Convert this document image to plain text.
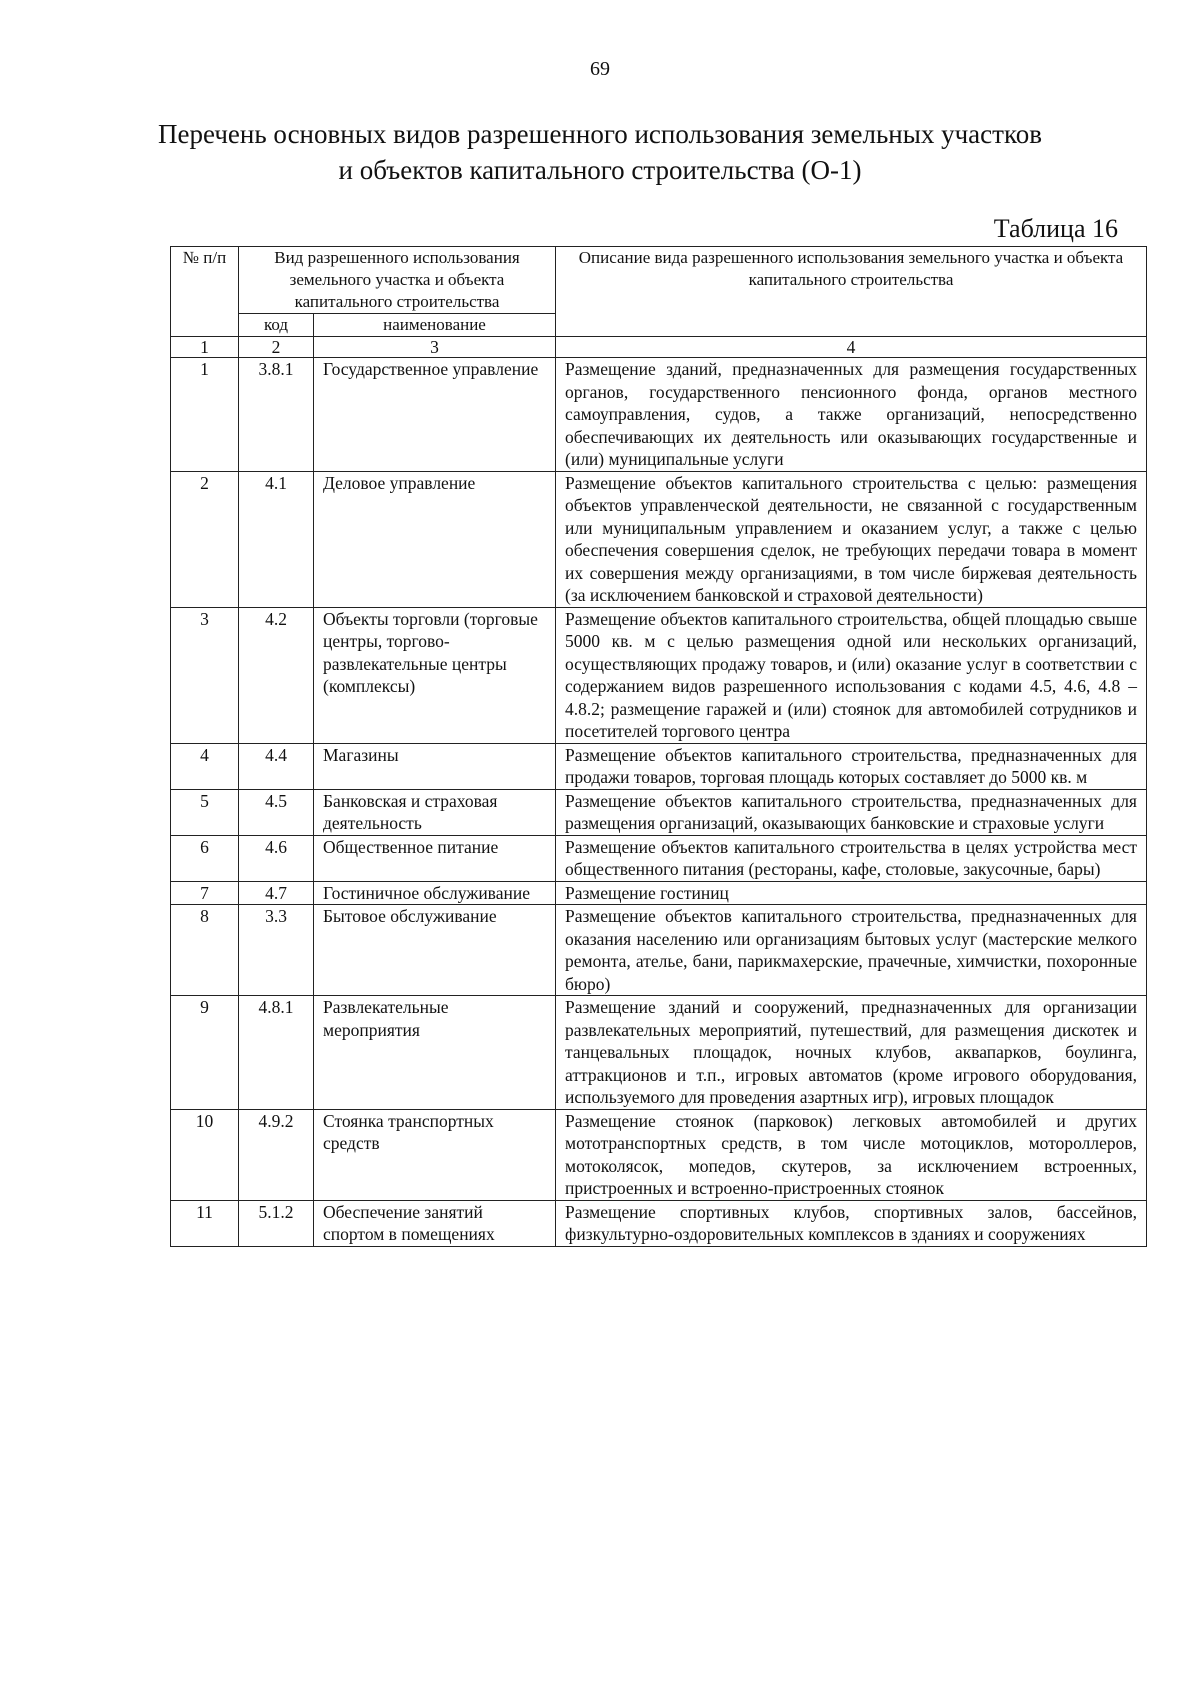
69
Перечень основных видов разрешенного использования земельных участков
и объектов капитального строительства (О-1)
Таблица 16
№ п/п	Вид разрешенного использования земельного участка и объекта капитального строительства		Описание вида разрешенного использования земельного участка и объекта капитального строительства
	код	наименование	
1	2	3	4
1	3.8.1	Государственное управление	Размещение зданий, предназначенных для размещения государственных органов, государственного пенсионного фонда, органов местного самоуправления, судов, а также организаций, непосредственно обеспечивающих их деятельность или оказывающих государственные и (или) муниципальные услуги
2	4.1	Деловое управление	Размещение объектов капитального строительства с целью: размещения объектов управленческой деятельности, не связанной с государственным или муниципальным управлением и оказанием услуг, а также с целью обеспечения совершения сделок, не требующих передачи товара в момент их совершения между организациями, в том числе биржевая деятельность (за исключением банковской и страховой деятельности)
3	4.2	Объекты торговли (торговые центры, торгово-развлекательные центры (комплексы)	Размещение объектов капитального строительства, общей площадью свыше 5000 кв. м с целью размещения одной или нескольких организаций, осуществляющих продажу товаров, и (или) оказание услуг в соответствии с содержанием видов разрешенного использования с кодами 4.5, 4.6, 4.8 – 4.8.2; размещение гаражей и (или) стоянок для автомобилей сотрудников и посетителей торгового центра
4	4.4	Магазины	Размещение объектов капитального строительства, предназначенных для продажи товаров, торговая площадь которых составляет до 5000 кв. м
5	4.5	Банковская и страховая деятельность	Размещение объектов капитального строительства, предназначенных для размещения организаций, оказывающих банковские и страховые услуги
6	4.6	Общественное питание	Размещение объектов капитального строительства в целях устройства мест общественного питания (рестораны, кафе, столовые, закусочные, бары)
7	4.7	Гостиничное обслуживание	Размещение гостиниц
8	3.3	Бытовое обслуживание	Размещение объектов капитального строительства, предназначенных для оказания населению или организациям бытовых услуг (мастерские мелкого ремонта, ателье, бани, парикмахерские, прачечные, химчистки, похоронные бюро)
9	4.8.1	Развлекательные мероприятия	Размещение зданий и сооружений, предназначенных для организации развлекательных мероприятий, путешествий, для размещения дискотек и танцевальных площадок, ночных клубов, аквапарков, боулинга, аттракционов и т.п., игровых автоматов (кроме игрового оборудования, используемого для проведения азартных игр), игровых площадок
10	4.9.2	Стоянка транспортных средств	Размещение стоянок (парковок) легковых автомобилей и других мототранспортных средств, в том числе мотоциклов, мотороллеров, мотоколясок, мопедов, скутеров, за исключением встроенных, пристроенных и встроенно-пристроенных стоянок
11	5.1.2	Обеспечение занятий спортом в помещениях	Размещение спортивных клубов, спортивных залов, бассейнов, физкультурно-оздоровительных комплексов в зданиях и сооружениях
